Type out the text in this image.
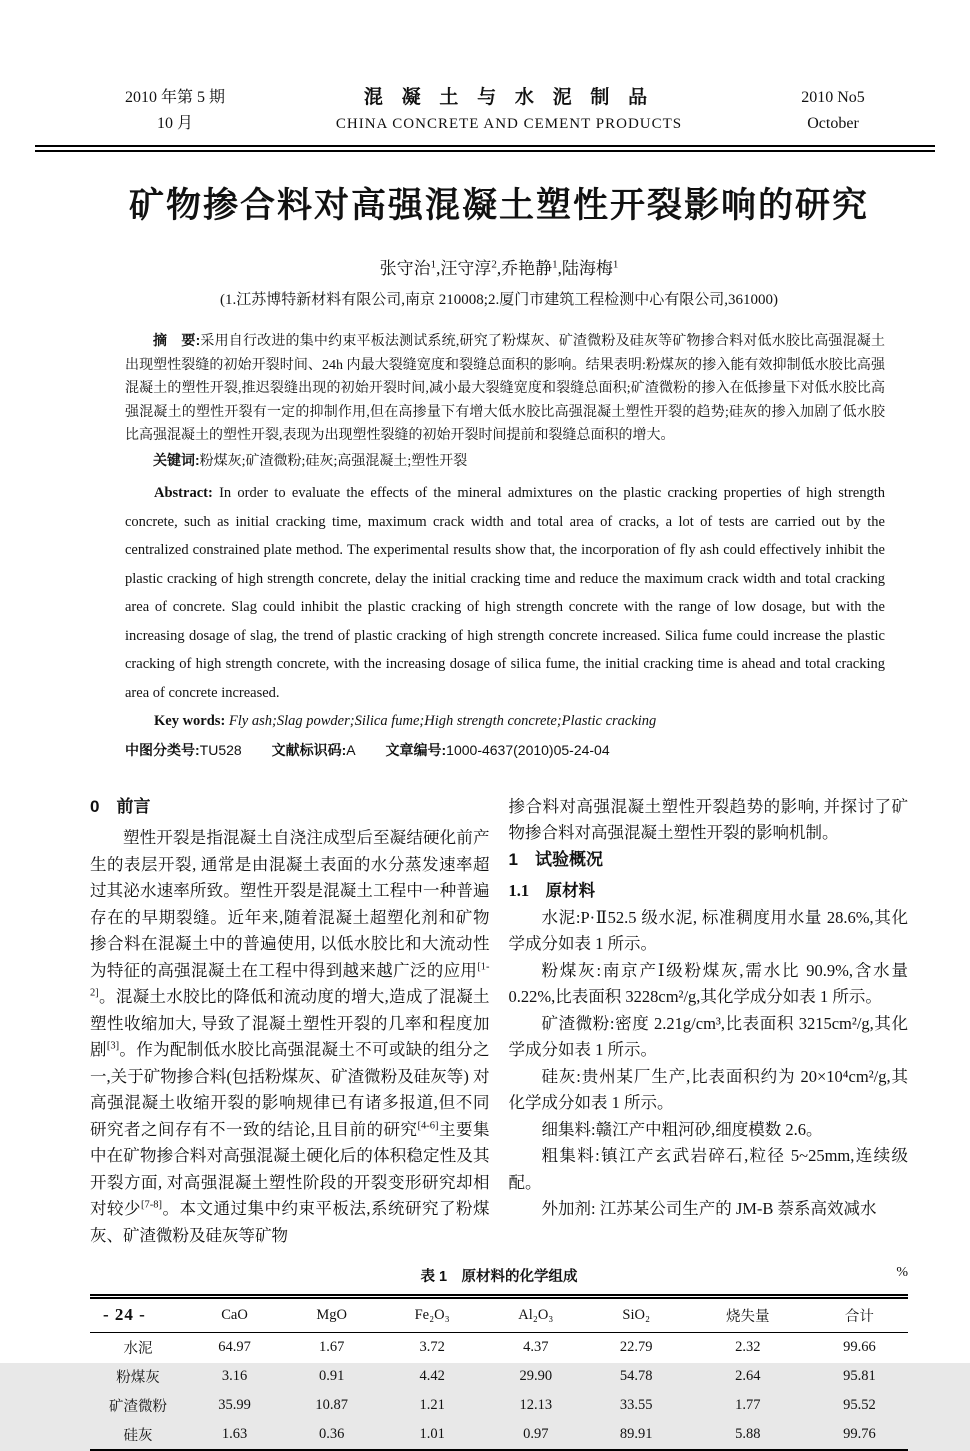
2010 年第 5 期
10 月
混 凝 土 与 水 泥 制 品
CHINA CONCRETE AND CEMENT PRODUCTS
2010 No5
October
矿物掺合料对高强混凝土塑性开裂影响的研究
张守治$^1$,汪守淳$^2$,乔艳静$^1$,陆海梅$^1$
(1.江苏博特新材料有限公司,南京 210008;2.厦门市建筑工程检测中心有限公司,361000)

摘　要:采用自行改进的集中约束平板法测试系统,研究了粉煤灰、矿渣微粉及硅灰等矿物掺合料对低水胶比高强混凝土出现塑性裂缝的初始开裂时间、24h 内最大裂缝宽度和裂缝总面积的影响。结果表明:粉煤灰的掺入能有效抑制低水胶比高强混凝土的塑性开裂,推迟裂缝出现的初始开裂时间,减小最大裂缝宽度和裂缝总面积;矿渣微粉的掺入在低掺量下对低水胶比高强混凝土的塑性开裂有一定的抑制作用,但在高掺量下有增大低水胶比高强混凝土塑性开裂的趋势;硅灰的掺入加剧了低水胶比高强混凝土的塑性开裂,表现为出现塑性裂缝的初始开裂时间提前和裂缝总面积的增大。

关键词:粉煤灰;矿渣微粉;硅灰;高强混凝土;塑性开裂

Abstract: In order to evaluate the effects of the mineral admixtures on the plastic cracking properties of high strength concrete, such as initial cracking time, maximum crack width and total area of cracks, a lot of tests are carried out by the centralized constrained plate method. The experimental results show that, the incorporation of fly ash could effectively inhibit the plastic cracking of high strength concrete, delay the initial cracking time and reduce the maximum crack width and total cracking area of concrete. Slag could inhibit the plastic cracking of high strength concrete with the range of low dosage, but with the increasing dosage of slag, the trend of plastic cracking of high strength concrete increased. Silica fume could increase the plastic cracking of high strength concrete, with the increasing dosage of silica fume, the initial cracking time is ahead and total cracking area of concrete increased.

Key words: Fly ash;Slag powder;Silica fume;High strength concrete;Plastic cracking

中图分类号:TU528 文献标识码:A 文章编号:1000-4637(2010)05-24-04
0　前言

塑性开裂是指混凝土自浇注成型后至凝结硬化前产生的表层开裂, 通常是由混凝土表面的水分蒸发速率超过其泌水速率所致。塑性开裂是混凝土工程中一种普遍存在的早期裂缝。近年来,随着混凝土超塑化剂和矿物掺合料在混凝土中的普遍使用, 以低水胶比和大流动性为特征的高强混凝土在工程中得到越来越广泛的应用[1-2]。混凝土水胶比的降低和流动度的增大,造成了混凝土塑性收缩加大, 导致了混凝土塑性开裂的几率和程度加剧[3]。作为配制低水胶比高强混凝土不可或缺的组分之一,关于矿物掺合料(包括粉煤灰、矿渣微粉及硅灰等) 对高强混凝土收缩开裂的影响规律已有诸多报道,但不同研究者之间存有不一致的结论,且目前的研究[4-6]主要集中在矿物掺合料对高强混凝土硬化后的体积稳定性及其开裂方面, 对高强混凝土塑性阶段的开裂变形研究却相对较少[7-8]。本文通过集中约束平板法,系统研究了粉煤灰、矿渣微粉及硅灰等矿物

掺合料对高强混凝土塑性开裂趋势的影响, 并探讨了矿物掺合料对高强混凝土塑性开裂的影响机制。

1　试验概况
1.1　原材料

水泥:P·Ⅱ52.5 级水泥, 标准稠度用水量 28.6%,其化学成分如表 1 所示。

粉煤灰:南京产Ⅰ级粉煤灰,需水比 90.9%,含水量 0.22%,比表面积 3228cm²/g,其化学成分如表 1 所示。

矿渣微粉:密度 2.21g/cm³,比表面积 3215cm²/g,其化学成分如表 1 所示。

硅灰:贵州某厂生产,比表面积约为 20×10⁴cm²/g,其化学成分如表 1 所示。

细集料:赣江产中粗河砂,细度模数 2.6。

粗集料:镇江产玄武岩碎石,粒径 5~25mm,连续级配。

外加剂: 江苏某公司生产的 JM-B 萘系高效减水

表 1　原材料的化学组成	%
	CaO	MgO	Fe₂O₃	Al₂O₃	SiO₂	烧失量	合计
水泥	64.97	1.67	3.72	4.37	22.79	2.32	99.66
粉煤灰	3.16	0.91	4.42	29.90	54.78	2.64	95.81
矿渣微粉	35.99	10.87	1.21	12.13	33.55	1.77	95.52
硅灰	1.63	0.36	1.01	0.97	89.91	5.88	99.76
- 24 -
